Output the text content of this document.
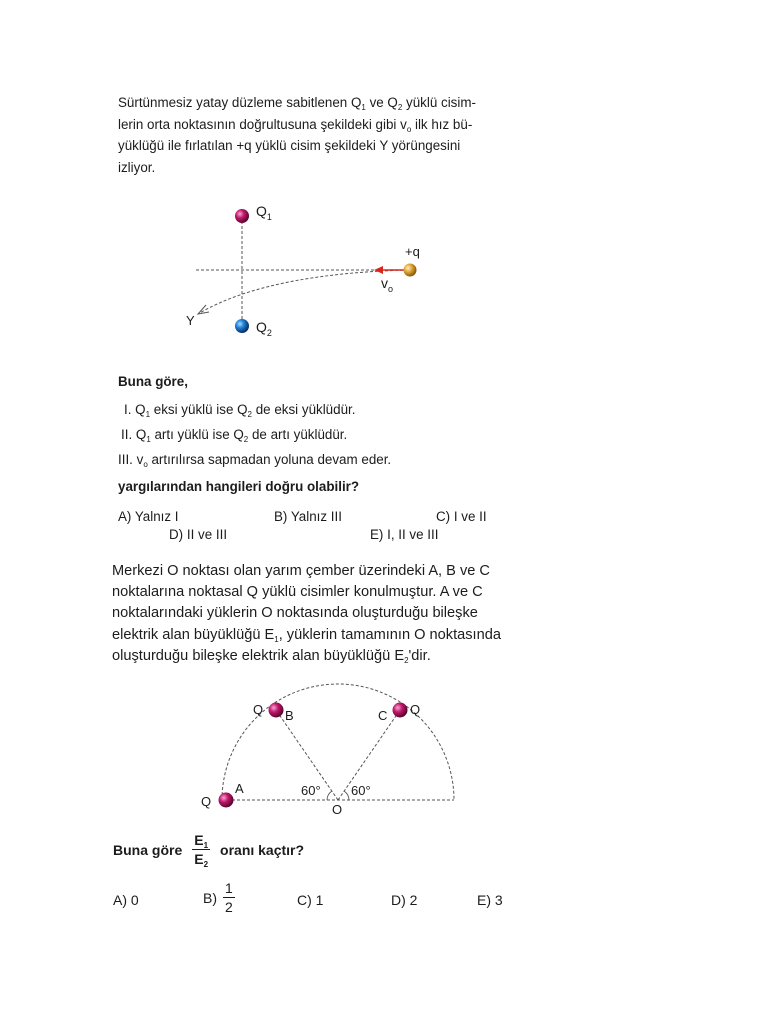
Sürtünmesiz yatay düzleme sabitlenen $Q_1$ ve $Q_2$ yüklü cisim-

lerin orta noktasının doğrultusuna şekildeki gibi $v_o$ ilk hız bü-

yüklüğü ile fırlatılan +q yüklü cisim şekildeki Y yörüngesini

izliyor.

$Q_1$
$Q_2$
+q
$v_o$
Y
Buna göre,
I. $Q_1$ eksi yüklü ise $Q_2$ de eksi yüklüdür.
II. $Q_1$ artı yüklü ise $Q_2$ de artı yüklüdür.
III. $v_o$ artırılırsa sapmadan yoluna devam eder.
yargılarından hangileri doğru olabilir?
A) Yalnız I	B) Yalnız III	C) I ve II
D) II ve III	E) I, II ve III

Merkezi O noktası olan yarım çember üzerindeki A, B ve C

noktalarına noktasal Q yüklü cisimler konulmuştur. A ve C

noktalarındaki yüklerin O noktasında oluşturduğu bileşke

elektrik alan büyüklüğü $E_1$, yüklerin tamamının O noktasında

oluşturduğu bileşke elektrik alan büyüklüğü $E_2'dir$.

Q
A
Q B	C Q
O
60° 60°
Buna göre $\frac{E_1}{E_2}$ oranı kaçtır?
A) 0	$B) \frac{1}{2}$	C) 1	D) 2	E) 3
